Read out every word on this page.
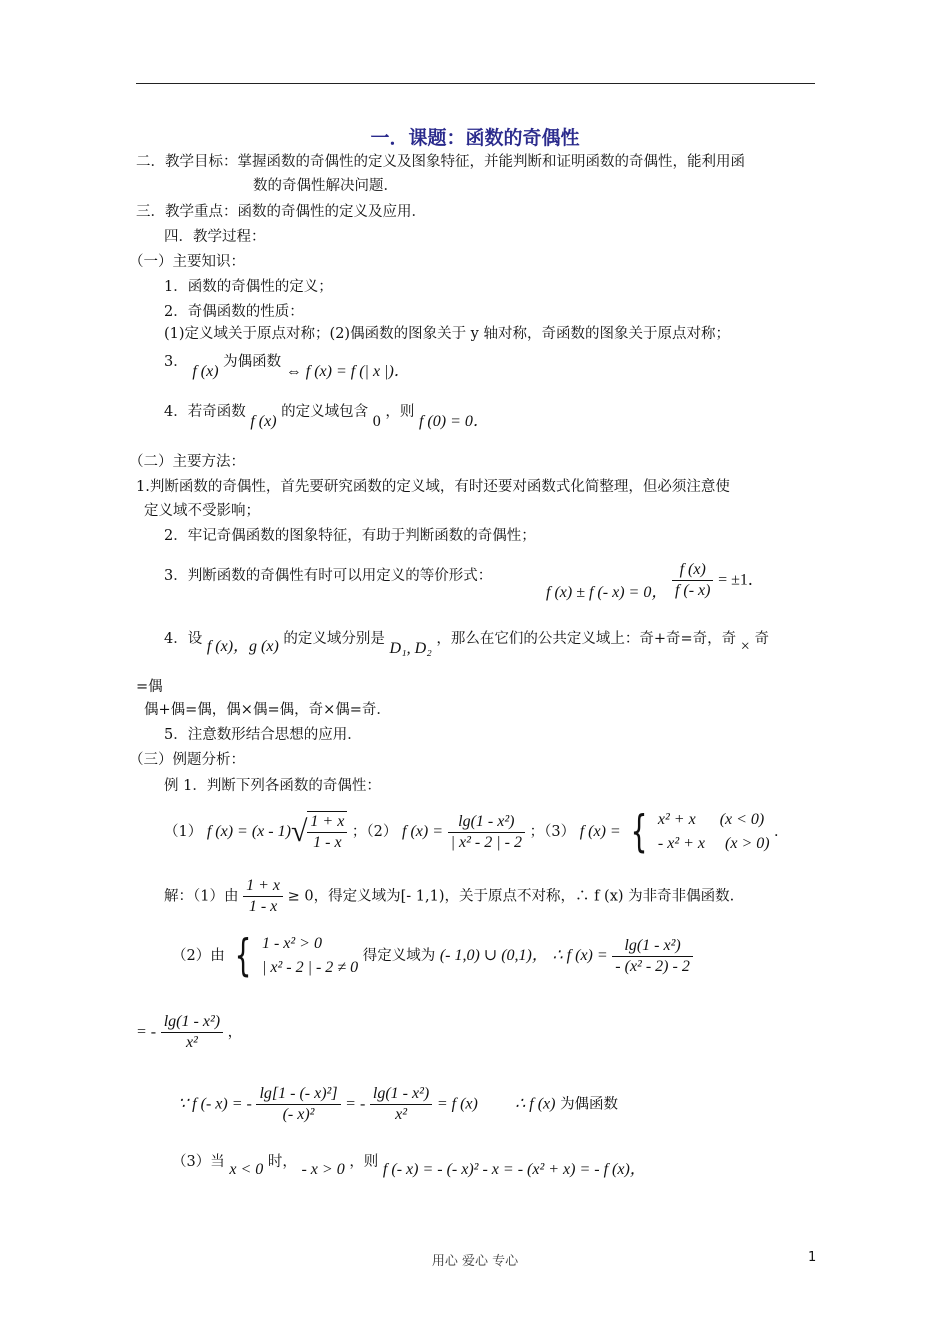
一．课题：函数的奇偶性
二．教学目标：掌握函数的奇偶性的定义及图象特征，并能判断和证明函数的奇偶性，能利用函
数的奇偶性解决问题．
三．教学重点：函数的奇偶性的定义及应用．
四．教学过程：
（一）主要知识：
1．函数的奇偶性的定义；
2．奇偶函数的性质：
(1)定义域关于原点对称；(2)偶函数的图象关于 y 轴对称，奇函数的图象关于原点对称；
3． f (x) 为偶函数 ⇔ f (x) = f (| x |)．
4．若奇函数 f (x) 的定义域包含 0 ，则 f (0) = 0．
（二）主要方法：
1.判断函数的奇偶性，首先要研究函数的定义域，有时还要对函数式化简整理，但必须注意使
定义域不受影响；
2．牢记奇偶函数的图象特征，有助于判断函数的奇偶性；
3．判断函数的奇偶性有时可以用定义的等价形式：
f (x) ± f (- x) = 0， $\frac{f (x)}{f (- x)} = \pm 1$．
4．设 f (x)，g (x) 的定义域分别是 D₁, D₂ ，那么在它们的公共定义域上：奇+奇=奇，奇 × 奇
=偶
偶+偶=偶，偶×偶=偶，奇×偶=奇．
5．注意数形结合思想的应用．
（三）例题分析：
例 1．判断下列各函数的奇偶性：
（1） f $(x) = (x - 1)√ \frac{1 + x}{1 - x}$ ；（2） f $(x) = \frac{\text{lg(1 - x²)}}{\text{| x² - 2 | - 2}}$ ；（3） f (x) = { x² + x      (x < 0)
- x² + x     (x > 0)
.
解：（1）由 $\frac{1 + x}{1 - x} \ge 0$，得定义域为[- 1,1)，关于原点不对称，∴ f (x) 为非奇非偶函数.
（2）由 { 1 - x² > 0
| x² - 2 | - 2 ≠ 0
得定义域为 (- 1,0) ∪ (0,1)， ∴ f $(x) = \frac{\text{lg(1 - x²)}}{\text{- (x² - 2) - 2}}$
= - $\frac{\text{lg(1 - x²)}}{\text{x²}}$ ，
∵ f (- x) = - $\frac{\text{lg[1 - (- x)²]}}{\text{(- x)²}}$ = - $\frac{\text{lg(1 - x²)}}{\text{x²}} = f$ (x) ∴ f (x) 为偶函数
（3）当 x < 0 时， - x > 0 ，则 f (- x) = - (- x)² - x = - (x² + x) = - f (x)，
用心 爱心 专心	1
